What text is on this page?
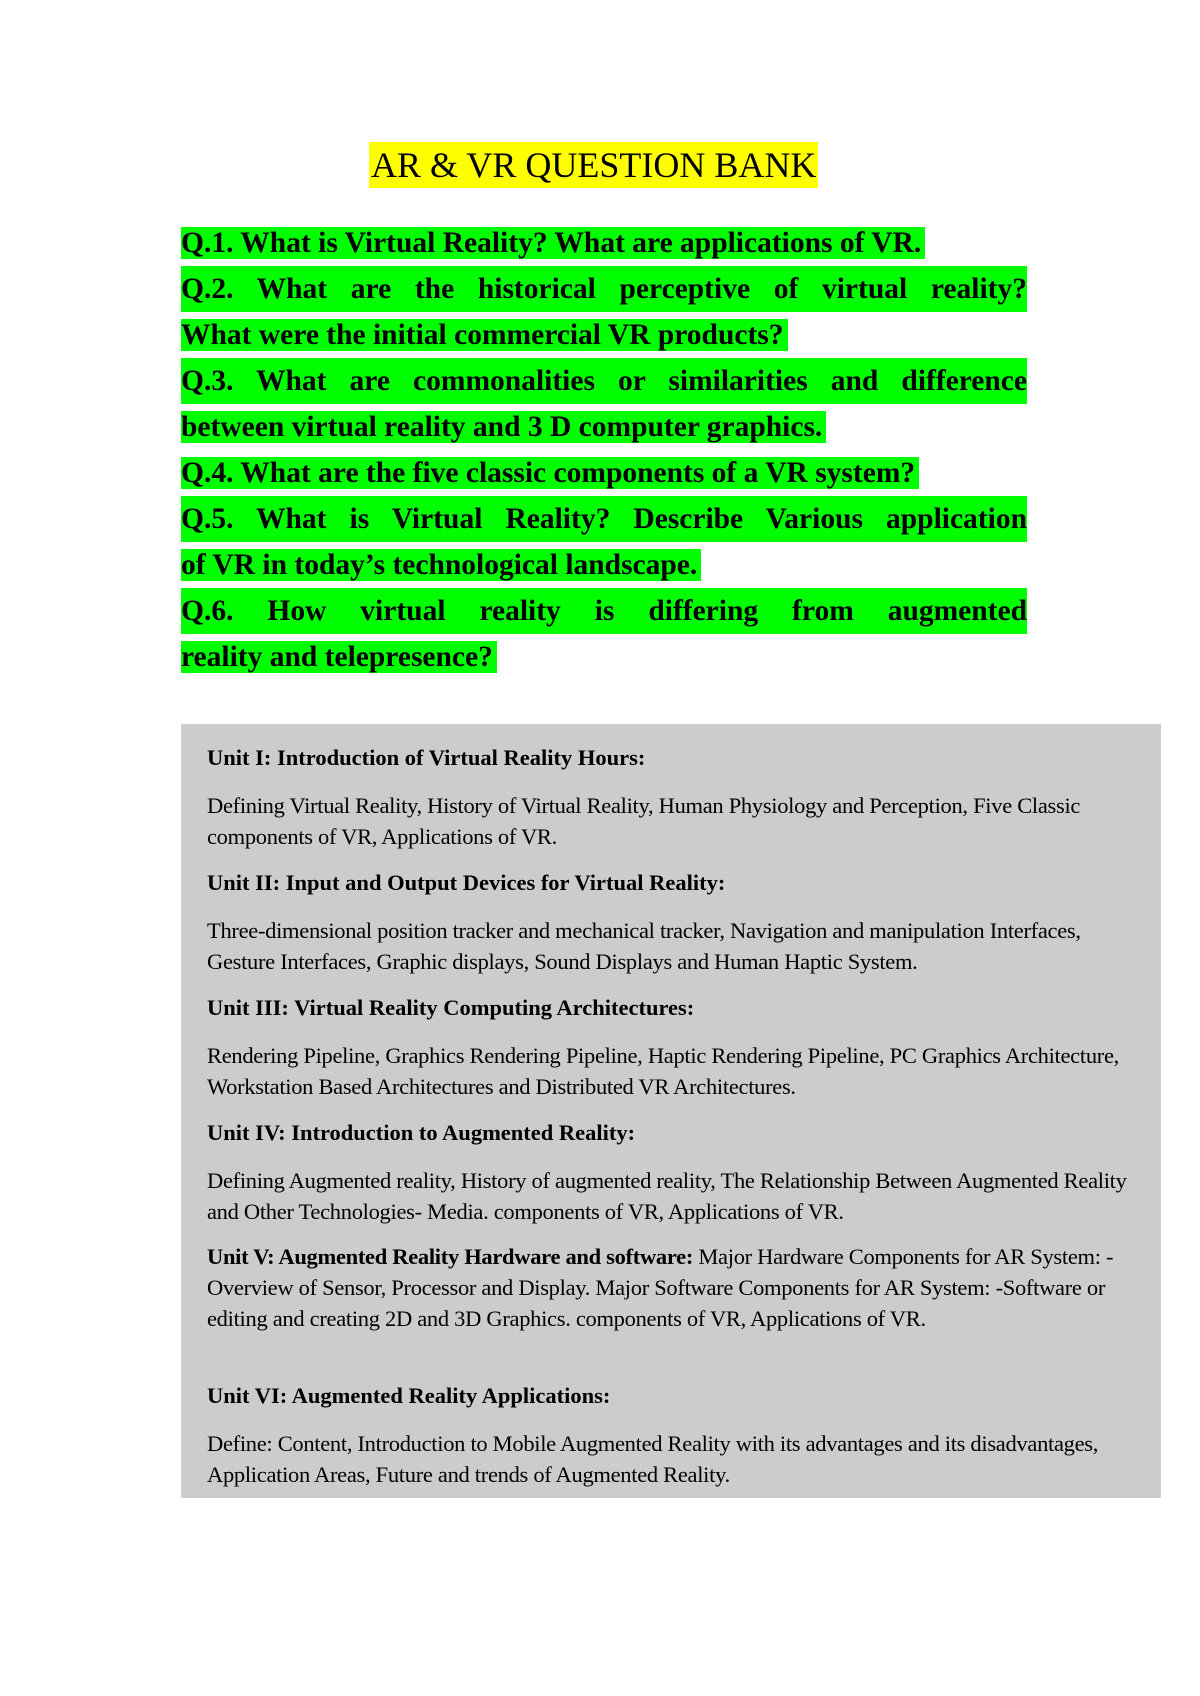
AR & VR QUESTION BANK
Q.1. What is Virtual Reality? What are applications of VR.
Q.2. What are the historical perceptive of virtual reality?
What were the initial commercial VR products?
Q.3. What are commonalities or similarities and difference
between virtual reality and 3 D computer graphics.
Q.4. What are the five classic components of a VR system?
Q.5. What is Virtual Reality? Describe Various application
of VR in today’s technological landscape.
Q.6. How virtual reality is differing from augmented
reality and telepresence?

Unit I: Introduction of Virtual Reality Hours:

Defining Virtual Reality, History of Virtual Reality, Human Physiology and Perception, Five Classic components of VR, Applications of VR.

Unit II: Input and Output Devices for Virtual Reality:

Three-dimensional position tracker and mechanical tracker, Navigation and manipulation Interfaces, Gesture Interfaces, Graphic displays, Sound Displays and Human Haptic System.

Unit III: Virtual Reality Computing Architectures:

Rendering Pipeline, Graphics Rendering Pipeline, Haptic Rendering Pipeline, PC Graphics Architecture, Workstation Based Architectures and Distributed VR Architectures.

Unit IV: Introduction to Augmented Reality:

Defining Augmented reality, History of augmented reality, The Relationship Between Augmented Reality and Other Technologies- Media. components of VR, Applications of VR.

Unit V: Augmented Reality Hardware and software: Major Hardware Components for AR System: - Overview of Sensor, Processor and Display. Major Software Components for AR System: -Software or editing and creating 2D and 3D Graphics. components of VR, Applications of VR.

Unit VI: Augmented Reality Applications:

Define: Content, Introduction to Mobile Augmented Reality with its advantages and its disadvantages, Application Areas, Future and trends of Augmented Reality.
